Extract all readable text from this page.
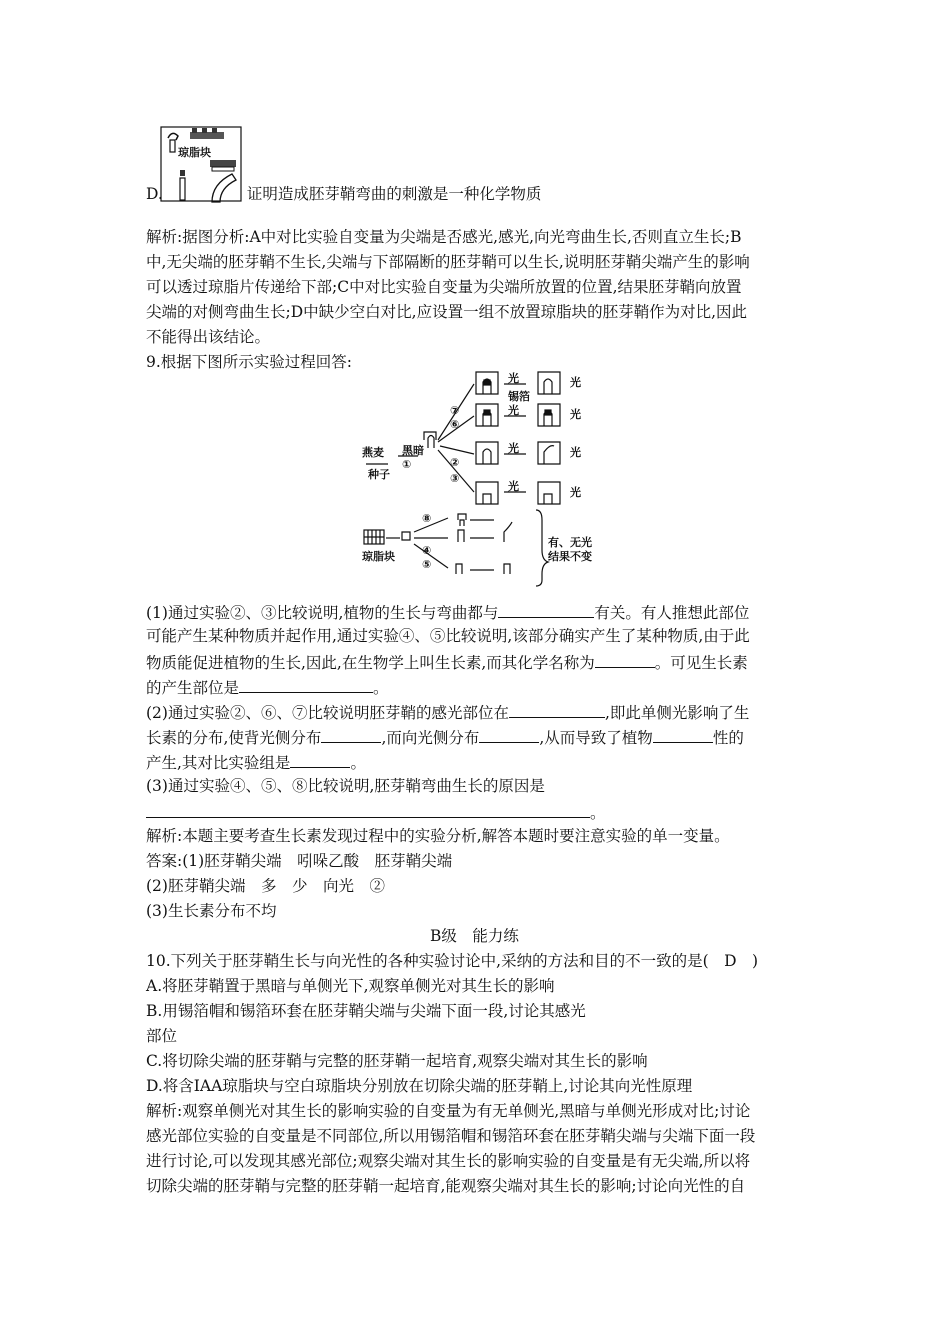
琼脂块
D.	证明造成胚芽鞘弯曲的刺激是一种化学物质
解析:据图分析:A中对比实验自变量为尖端是否感光,感光,向光弯曲生长,否则直立生长;B
中,无尖端的胚芽鞘不生长,尖端与下部隔断的胚芽鞘可以生长,说明胚芽鞘尖端产生的影响
可以透过琼脂片传递给下部;C中对比实验自变量为尖端所放置的位置,结果胚芽鞘向放置
尖端的对侧弯曲生长;D中缺少空白对比,应设置一组不放置琼脂块的胚芽鞘作为对比,因此
不能得出该结论。
9.根据下图所示实验过程回答:
燕麦 黑暗
种子
①	②
③
⑥
⑦
光
光
光
光
光
光
光
光
锡箔
⑧
④
⑤
琼脂块
有、无光
结果不变
(1)通过实验②、③比较说明,植物的生长与弯曲都与	有关。有人推想此部位
可能产生某种物质并起作用,通过实验④、⑤比较说明,该部分确实产生了某种物质,由于此
物质能促进植物的生长,因此,在生物学上叫生长素,而其化学名称为	。可见生长素
的产生部位是	。
(2)通过实验②、⑥、⑦比较说明胚芽鞘的感光部位在	,即此单侧光影响了生
长素的分布,使背光侧分布	,而向光侧分布	,从而导致了植物	性的
产生,其对比实验组是	。
(3)通过实验④、⑤、⑧比较说明,胚芽鞘弯曲生长的原因是
。
解析:本题主要考查生长素发现过程中的实验分析,解答本题时要注意实验的单一变量。
答案:(1)胚芽鞘尖端　吲哚乙酸　胚芽鞘尖端
(2)胚芽鞘尖端　多　少　向光　②
(3)生长素分布不均
B级　能力练
10.下列关于胚芽鞘生长与向光性的各种实验讨论中,采纳的方法和目的不一致的是(　D　)
A.将胚芽鞘置于黑暗与单侧光下,观察单侧光对其生长的影响
B.用锡箔帽和锡箔环套在胚芽鞘尖端与尖端下面一段,讨论其感光
部位
C.将切除尖端的胚芽鞘与完整的胚芽鞘一起培育,观察尖端对其生长的影响
D.将含IAA琼脂块与空白琼脂块分别放在切除尖端的胚芽鞘上,讨论其向光性原理
解析:观察单侧光对其生长的影响实验的自变量为有无单侧光,黑暗与单侧光形成对比;讨论
感光部位实验的自变量是不同部位,所以用锡箔帽和锡箔环套在胚芽鞘尖端与尖端下面一段
进行讨论,可以发现其感光部位;观察尖端对其生长的影响实验的自变量是有无尖端,所以将
切除尖端的胚芽鞘与完整的胚芽鞘一起培育,能观察尖端对其生长的影响;讨论向光性的自
